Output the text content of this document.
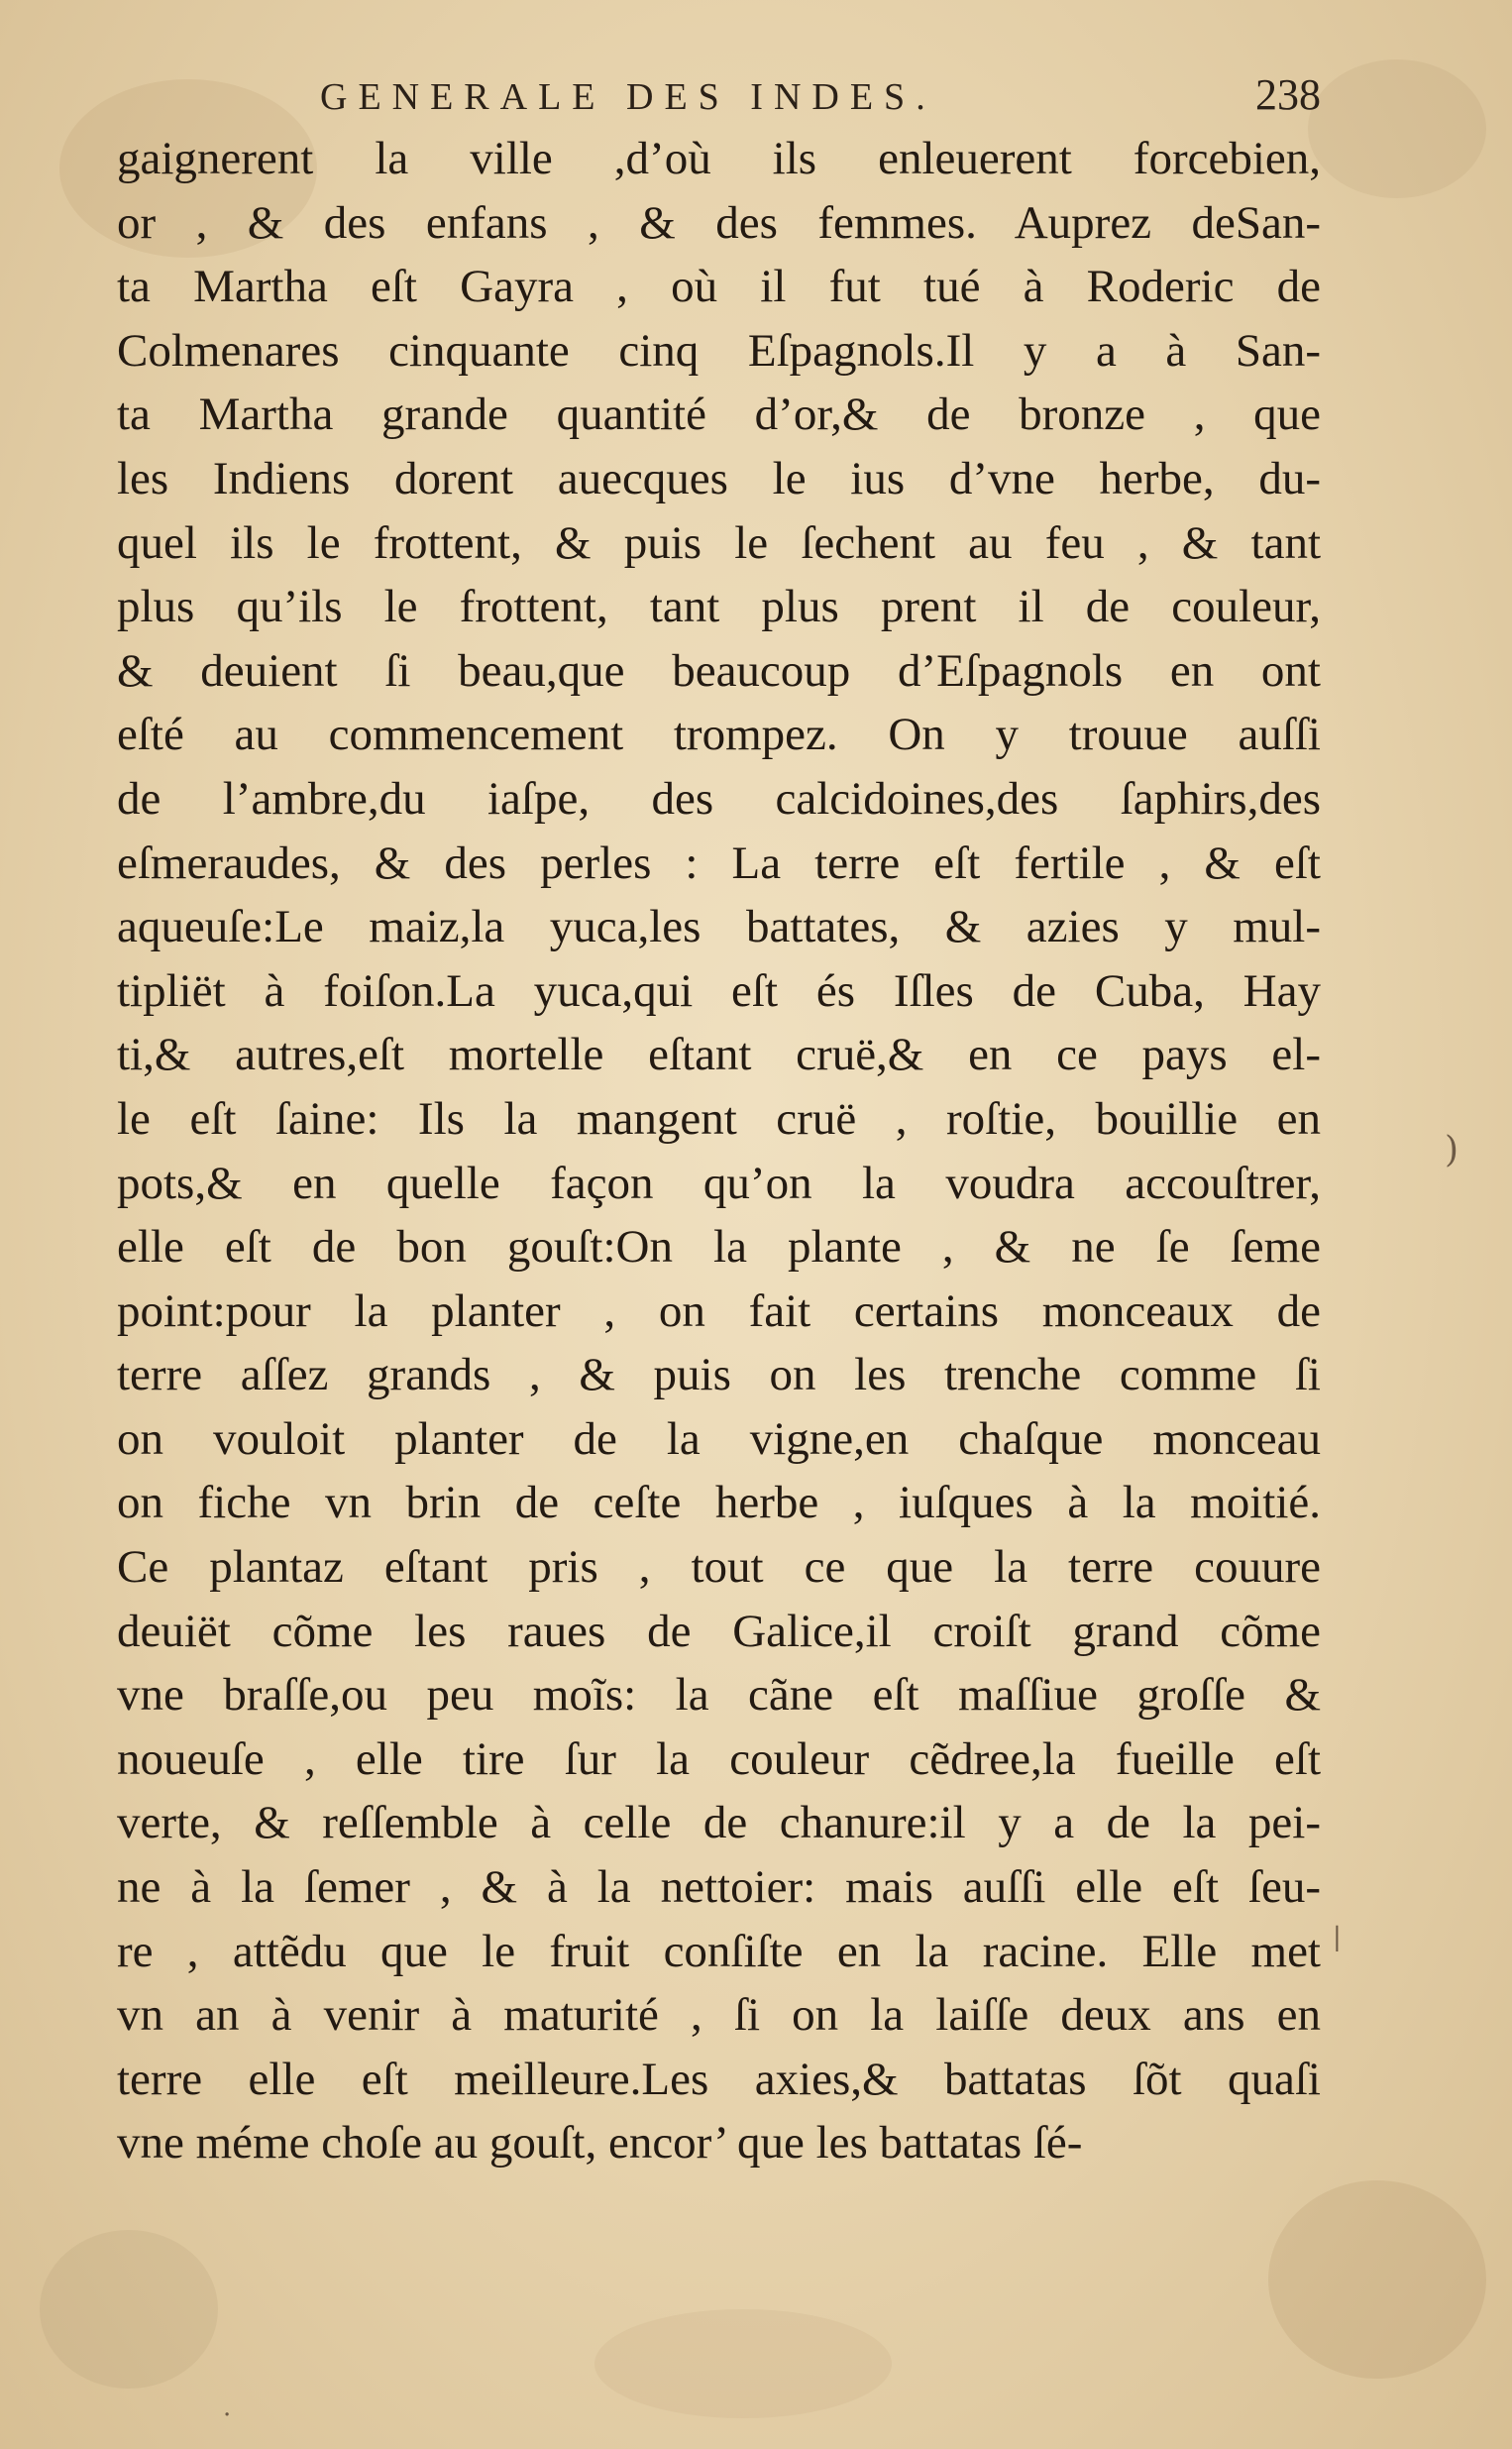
GENERALE DES INDES.	238
gaignerent la ville ,d’où ils enleuerent forcebien,
or , & des enfans , & des femmes. Auprez deSan-
ta Martha eſt Gayra , où il fut tué à Roderic de
Colmenares cinquante cinq Eſpagnols.Il y a à San-
ta Martha grande quantité d’or,& de bronze , que
les Indiens dorent auecques le ius d’vne herbe, du-
quel ils le frottent, & puis le ſechent au feu , & tant
plus qu’ils le frottent, tant plus prent il de couleur,
& deuient ſi beau,que beaucoup d’Eſpagnols en ont
eſté au commencement trompez. On y trouue auſſi
de l’ambre,du iaſpe, des calcidoines,des ſaphirs,des
eſmeraudes, & des perles : La terre eſt fertile , & eſt
aqueuſe:Le maiz,la yuca,les battates, & azies y mul-
tipliët à foiſon.La yuca,qui eſt és Iſles de Cuba, Hay
ti,& autres,eſt mortelle eſtant cruë,& en ce pays el-
le eſt ſaine: Ils la mangent cruë , roſtie, bouillie en
pots,& en quelle façon qu’on la voudra accouſtrer,
elle eſt de bon gouſt:On la plante , & ne ſe ſeme
point:pour la planter , on fait certains monceaux de
terre aſſez grands , & puis on les trenche comme ſi
on vouloit planter de la vigne,en chaſque monceau
on fiche vn brin de ceſte herbe , iuſques à la moitié.
Ce plantaz eſtant pris , tout ce que la terre couure
deuiët cõme les raues de Galice,il croiſt grand cõme
vne braſſe,ou peu moĩs: la cãne eſt maſſiue groſſe &
noueuſe , elle tire ſur la couleur cẽdree,la fueille eſt
verte, & reſſemble à celle de chanure:il y a de la pei-
ne à la ſemer , & à la nettoier: mais auſſi elle eſt ſeu-
re , attẽdu que le fruit conſiſte en la racine. Elle met
vn an à venir à maturité , ſi on la laiſſe deux ans en
terre elle eſt meilleure.Les axies,& battatas ſõt quaſi
vne méme choſe au gouſt, encor’ que les battatas ſé-
)
|
·
